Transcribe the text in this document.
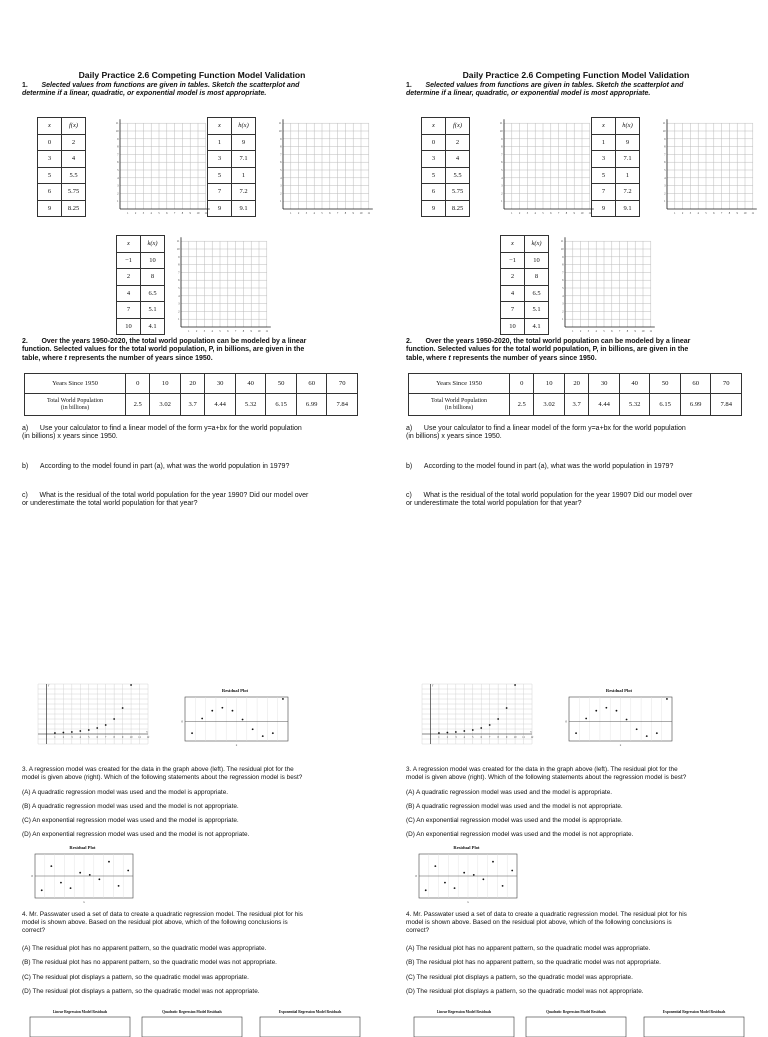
Daily Practice 2.6 Competing Function Model Validation
1. Selected values from functions are given in tables. Sketch the scatterplot and
determine if a linear, quadratic, or exponential model is most appropriate.
x	f(x)
0	2
3	4
5	5.5
6	5.75
9	8.25
x	h(x)
1	9
3	7.1
5	1
7	7.2
9	9.1
x	k(x)
−1	10
2	8
4	6.5
7	5.1
10	4.1
1
1
2
2
3
3
4
4
5
5
6
6
7
7
8
8
9
9
10
10
11
11
1
1
2
2
3
3
4
4
5
5
6
6
7
7
8
8
9
9
10
10
11
11
1
1
2
2
3
3
4
4
5
5
6
6
7
7
8
8
9
9
10
10
11
11
2. Over the years 1950-2020, the total world population can be modeled by a linear
function. Selected values for the total world population, P, in billions, are given in the
table, where t represents the number of years since 1950.
Years Since 1950	0	10	20	30	40	50	60	70
Total World Population
(in billions)	2.5	3.02	3.7	4.44	5.32	6.15	6.99	7.84
a) Use your calculator to find a linear model of the form y=a+bx for the world population
(in billions) x years since 1950.
b) According to the model found in part (a), what was the world population in 1979?
c) What is the residual of the total world population for the year 1990? Did our model over
or underestimate the total world population for that year?
1	2	3	4	5	6	7	8	9	10 11 12
y
x
Residual Plot
0
x
3. A regression model was created for the data in the graph above (left). The residual plot for the
model is given above (right). Which of the following statements about the regression model is best?
(A) A quadratic regression model was used and the model is appropriate.
(B) A quadratic regression model was used and the model is not appropriate.
(C) An exponential regression model was used and the model is appropriate.
(D) An exponential regression model was used and the model is not appropriate.
Residual Plot
0
x
4. Mr. Passwater used a set of data to create a quadratic regression model. The residual plot for his
model is shown above. Based on the residual plot above, which of the following conclusions is
correct?
(A) The residual plot has no apparent pattern, so the quadratic model was appropriate.
(B) The residual plot has no apparent pattern, so the quadratic model was not appropriate.
(C) The residual plot displays a pattern, so the quadratic model was appropriate.
(D) The residual plot displays a pattern, so the quadratic model was not appropriate.
Linear Regression Model Residuals	Quadratic Regression Model Residuals	Exponential Regression Model Residuals
Daily Practice 2.6 Competing Function Model Validation
1. Selected values from functions are given in tables. Sketch the scatterplot and
determine if a linear, quadratic, or exponential model is most appropriate.
x	f(x)
0	2
3	4
5	5.5
6	5.75
9	8.25
x	h(x)
1	9
3	7.1
5	1
7	7.2
9	9.1
x	k(x)
−1	10
2	8
4	6.5
7	5.1
10	4.1
1
1
2
2
3
3
4
4
5
5
6
6
7
7
8
8
9
9
10
10
11
11
1
1
2
2
3
3
4
4
5
5
6
6
7
7
8
8
9
9
10
10
11
11
1
1
2
2
3
3
4
4
5
5
6
6
7
7
8
8
9
9
10
10
11
11
2. Over the years 1950-2020, the total world population can be modeled by a linear
function. Selected values for the total world population, P, in billions, are given in the
table, where t represents the number of years since 1950.
Years Since 1950	0	10	20	30	40	50	60	70
Total World Population
(in billions)	2.5	3.02	3.7	4.44	5.32	6.15	6.99	7.84
a) Use your calculator to find a linear model of the form y=a+bx for the world population
(in billions) x years since 1950.
b) According to the model found in part (a), what was the world population in 1979?
c) What is the residual of the total world population for the year 1990? Did our model over
or underestimate the total world population for that year?
1	2	3	4	5	6	7	8	9	10 11 12
y
x
Residual Plot
0
x
3. A regression model was created for the data in the graph above (left). The residual plot for the
model is given above (right). Which of the following statements about the regression model is best?
(A) A quadratic regression model was used and the model is appropriate.
(B) A quadratic regression model was used and the model is not appropriate.
(C) An exponential regression model was used and the model is appropriate.
(D) An exponential regression model was used and the model is not appropriate.
Residual Plot
0
x
4. Mr. Passwater used a set of data to create a quadratic regression model. The residual plot for his
model is shown above. Based on the residual plot above, which of the following conclusions is
correct?
(A) The residual plot has no apparent pattern, so the quadratic model was appropriate.
(B) The residual plot has no apparent pattern, so the quadratic model was not appropriate.
(C) The residual plot displays a pattern, so the quadratic model was appropriate.
(D) The residual plot displays a pattern, so the quadratic model was not appropriate.
Linear Regression Model Residuals	Quadratic Regression Model Residuals	Exponential Regression Model Residuals
